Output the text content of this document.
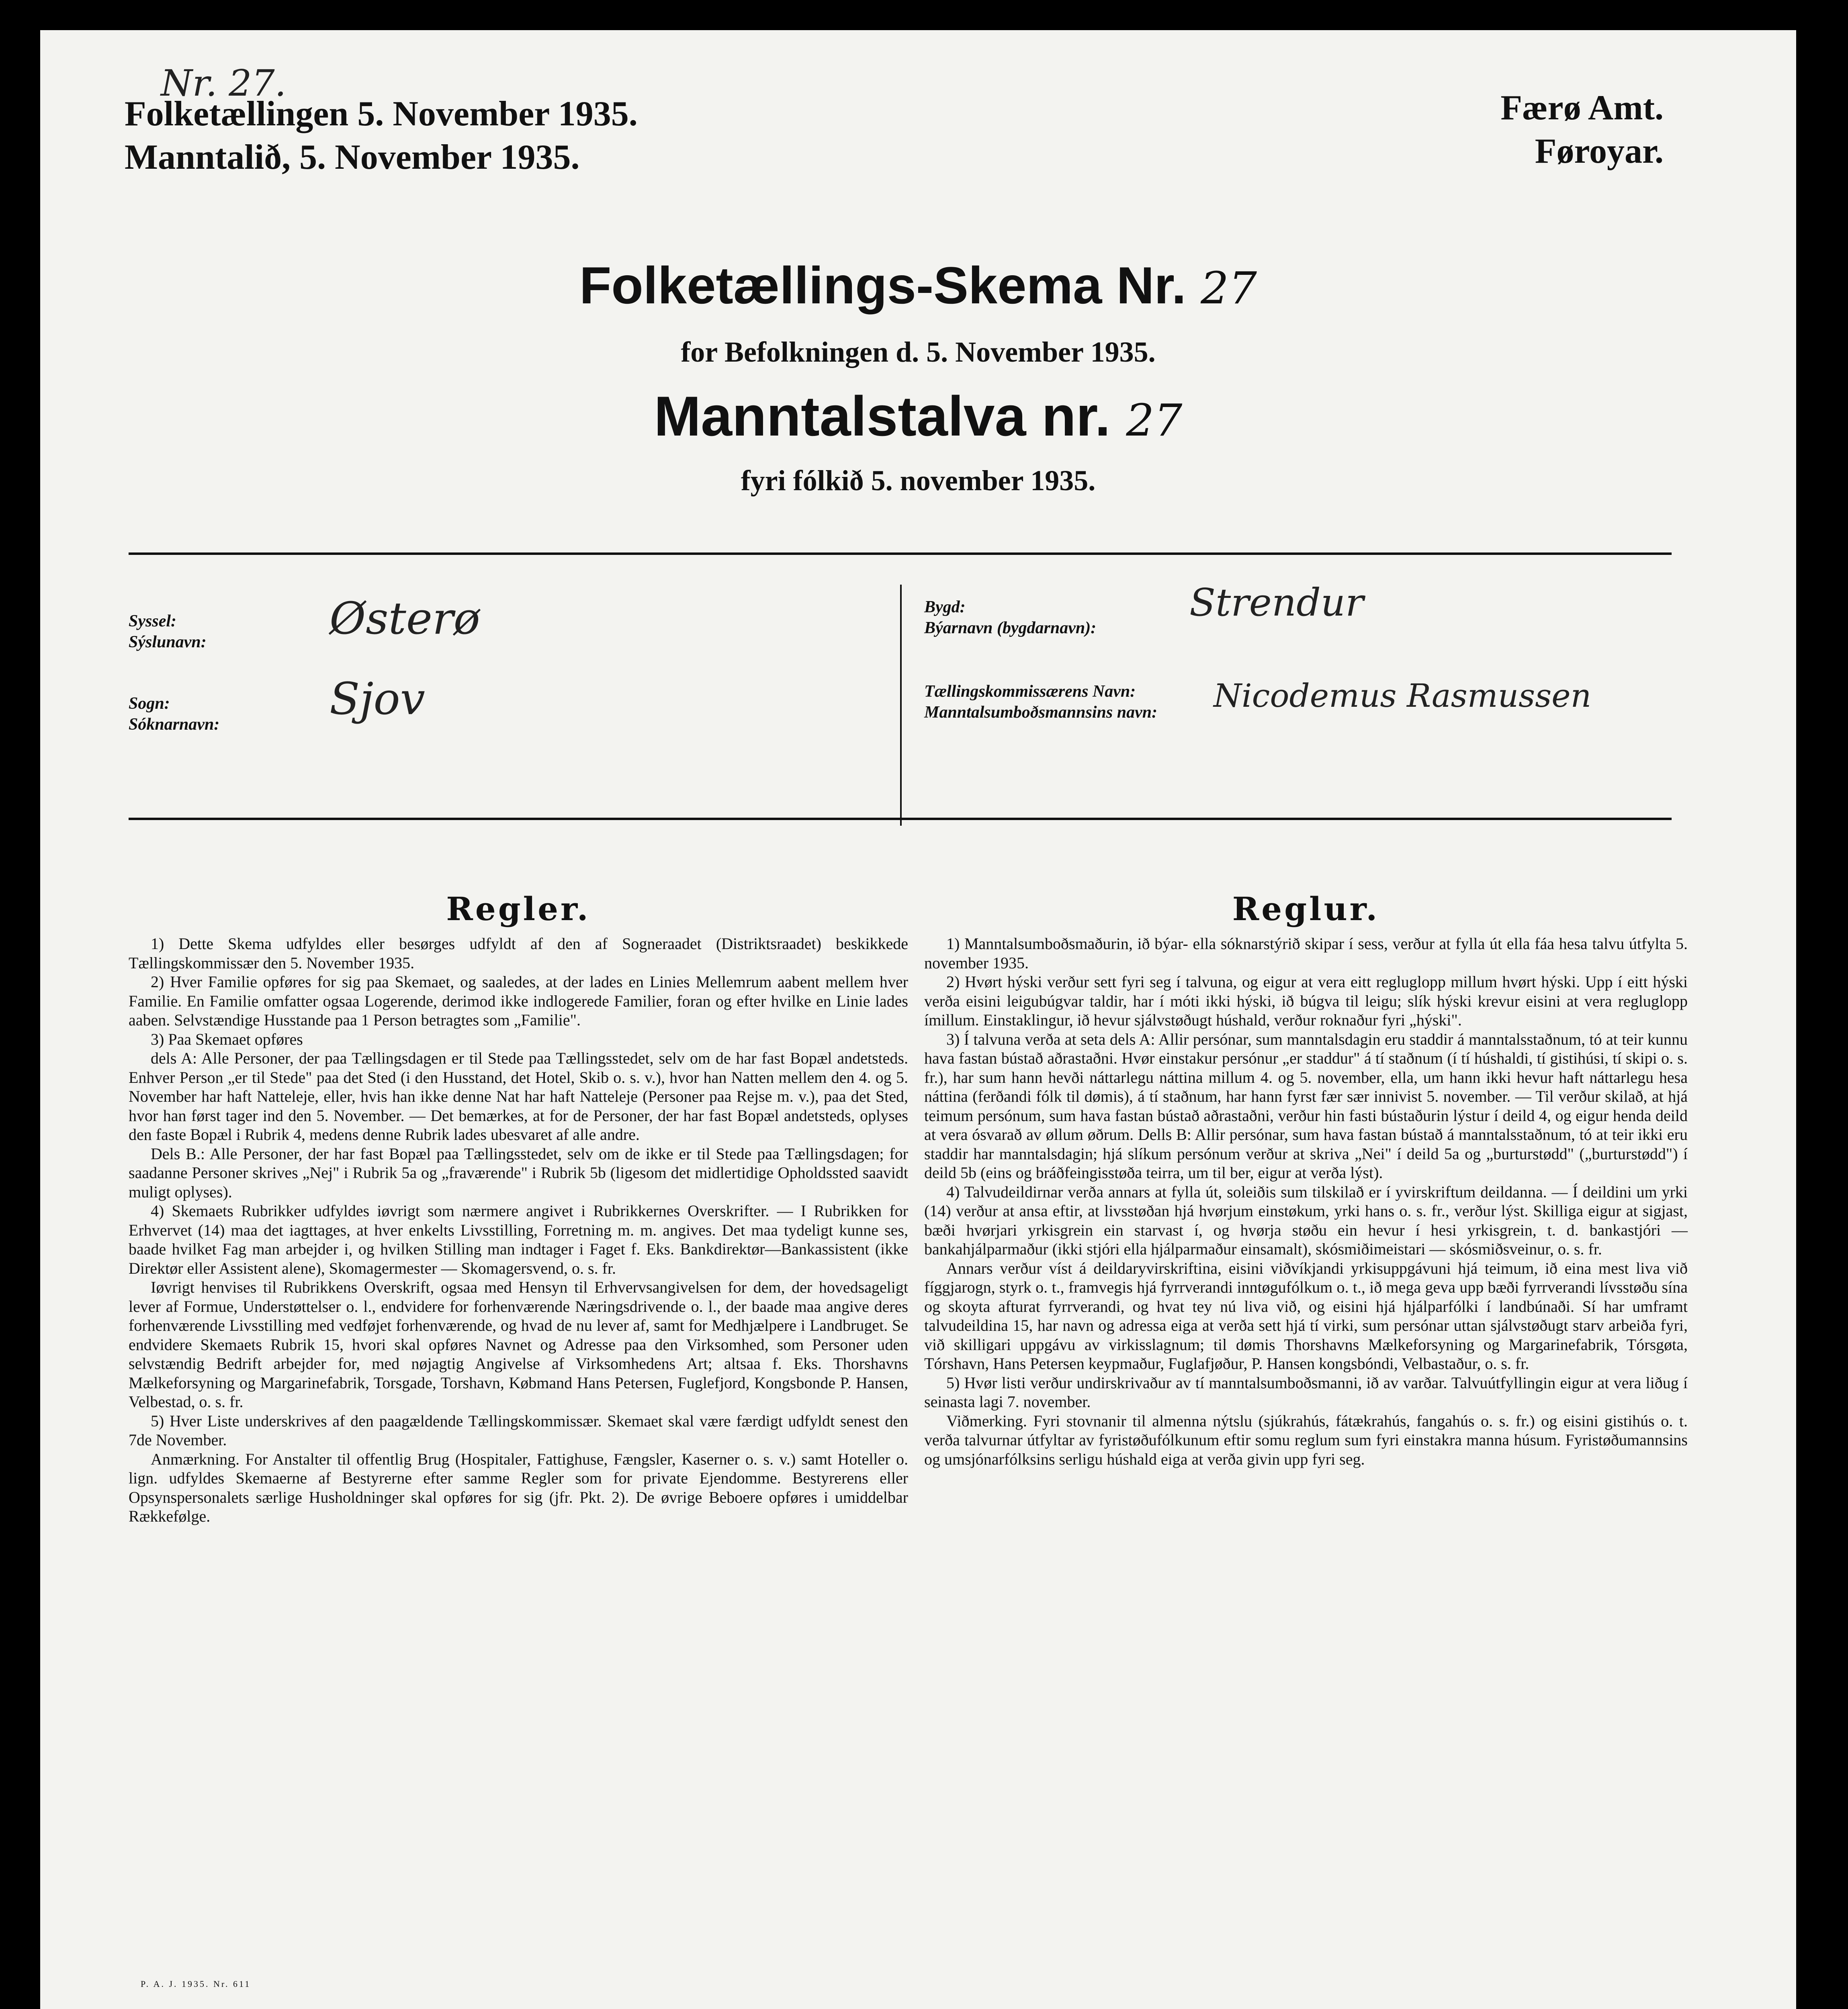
Nr. 27.
Folketællingen 5. November 1935.
Manntalið, 5. November 1935.
Færø Amt.
Føroyar.
Folketællings-Skema Nr. 27
for Befolkningen d. 5. November 1935.
Manntalstalva nr. 27
fyri fólkið 5. november 1935.
Syssel:
Sýslunavn:	Østerø
Sogn:
Sóknarnavn: Sjov
Bygd:
Býarnavn (bygdarnavn):
Strendur
Tællingskommissærens Navn:
Manntalsumboðsmannsins navn: Nicodemus Rasmussen
Regler.

1) Dette Skema udfyldes eller besørges udfyldt af den af Sogneraadet (Distriktsraadet) beskikkede Tællingskommissær den 5. November 1935.

2) Hver Familie opføres for sig paa Skemaet, og saaledes, at der lades en Linies Mellemrum aabent mellem hver Familie. En Familie omfatter ogsaa Logerende, derimod ikke indlogerede Familier, foran og efter hvilke en Linie lades aaben. Selvstændige Husstande paa 1 Person betragtes som „Familie".

3) Paa Skemaet opføres

dels A: Alle Personer, der paa Tællingsdagen er til Stede paa Tællingsstedet, selv om de har fast Bopæl andetsteds. Enhver Person „er til Stede" paa det Sted (i den Husstand, det Hotel, Skib o. s. v.), hvor han Natten mellem den 4. og 5. November har haft Natteleje, eller, hvis han ikke denne Nat har haft Natteleje (Personer paa Rejse m. v.), paa det Sted, hvor han først tager ind den 5. November. — Det bemærkes, at for de Personer, der har fast Bopæl andetsteds, oplyses den faste Bopæl i Rubrik 4, medens denne Rubrik lades ubesvaret af alle andre.

Dels B.: Alle Personer, der har fast Bopæl paa Tællingsstedet, selv om de ikke er til Stede paa Tællingsdagen; for saadanne Personer skrives „Nej" i Rubrik 5a og „fraværende" i Rubrik 5b (ligesom det midlertidige Opholdssted saavidt muligt oplyses).

4) Skemaets Rubrikker udfyldes iøvrigt som nærmere angivet i Rubrikkernes Overskrifter. — I Rubrikken for Erhvervet (14) maa det iagttages, at hver enkelts Livsstilling, Forretning m. m. angives. Det maa tydeligt kunne ses, baade hvilket Fag man arbejder i, og hvilken Stilling man indtager i Faget f. Eks. Bankdirektør—Bankassistent (ikke Direktør eller Assistent alene), Skomagermester — Skomagersvend, o. s. fr.

Iøvrigt henvises til Rubrikkens Overskrift, ogsaa med Hensyn til Erhvervsangivelsen for dem, der hovedsageligt lever af Formue, Understøttelser o. l., endvidere for forhenværende Næringsdrivende o. l., der baade maa angive deres forhenværende Livsstilling med vedføjet forhenværende, og hvad de nu lever af, samt for Medhjælpere i Landbruget. Se endvidere Skemaets Rubrik 15, hvori skal opføres Navnet og Adresse paa den Virksomhed, som Personer uden selvstændig Bedrift arbejder for, med nøjagtig Angivelse af Virksomhedens Art; altsaa f. Eks. Thorshavns Mælkeforsyning og Margarinefabrik, Torsgade, Torshavn, Købmand Hans Petersen, Fuglefjord, Kongsbonde P. Hansen, Velbestad, o. s. fr.

5) Hver Liste underskrives af den paagældende Tællingskommissær. Skemaet skal være færdigt udfyldt senest den 7de November.

Anmærkning. For Anstalter til offentlig Brug (Hospitaler, Fattighuse, Fængsler, Kaserner o. s. v.) samt Hoteller o. lign. udfyldes Skemaerne af Bestyrerne efter samme Regler som for private Ejendomme. Bestyrerens eller Opsynspersonalets særlige Husholdninger skal opføres for sig (jfr. Pkt. 2). De øvrige Beboere opføres i umiddelbar Rækkefølge.

Reglur.

1) Manntalsumboðsmaðurin, ið býar- ella sóknarstýrið skipar í sess, verður at fylla út ella fáa hesa talvu útfylta 5. november 1935.

2) Hvørt hýski verður sett fyri seg í talvuna, og eigur at vera eitt regluglopp millum hvørt hýski. Upp í eitt hýski verða eisini leigubúgvar taldir, har í móti ikki hýski, ið búgva til leigu; slík hýski krevur eisini at vera regluglopp ímillum. Einstaklingur, ið hevur sjálvstøðugt húshald, verður roknaður fyri „hýski".

3) Í talvuna verða at seta dels A: Allir persónar, sum manntalsdagin eru staddir á manntalsstaðnum, tó at teir kunnu hava fastan bústað aðrastaðni. Hvør einstakur persónur „er staddur" á tí staðnum (í tí húshaldi, tí gistihúsi, tí skipi o. s. fr.), har sum hann hevði náttarlegu náttina millum 4. og 5. november, ella, um hann ikki hevur haft náttarlegu hesa náttina (ferðandi fólk til dømis), á tí staðnum, har hann fyrst fær sær innivist 5. november. — Til verður skilað, at hjá teimum persónum, sum hava fastan bústað aðrastaðni, verður hin fasti bústaðurin lýstur í deild 4, og eigur henda deild at vera ósvarað av øllum øðrum. Dells B: Allir persónar, sum hava fastan bústað á manntalsstaðnum, tó at teir ikki eru staddir har manntalsdagin; hjá slíkum persónum verður at skriva „Nei" í deild 5a og „burturstødd" („burturstødd") í deild 5b (eins og bráðfeingisstøða teirra, um til ber, eigur at verða lýst).

4) Talvudeildirnar verða annars at fylla út, soleiðis sum tilskilað er í yvirskriftum deildanna. — Í deildini um yrki (14) verður at ansa eftir, at livsstøðan hjá hvørjum einstøkum, yrki hans o. s. fr., verður lýst. Skilliga eigur at sigjast, bæði hvørjari yrkisgrein ein starvast í, og hvørja støðu ein hevur í hesi yrkisgrein, t. d. bankastjóri — bankahjálparmaður (ikki stjóri ella hjálparmaður einsamalt), skósmiðimeistari — skósmiðsveinur, o. s. fr.

Annars verður víst á deildaryvirskriftina, eisini viðvíkjandi yrkisuppgávuni hjá teimum, ið eina mest liva við fíggjarogn, styrk o. t., framvegis hjá fyrrverandi inntøgufólkum o. t., ið mega geva upp bæði fyrrverandi lívsstøðu sína og skoyta afturat fyrrverandi, og hvat tey nú liva við, og eisini hjá hjálparfólki í landbúnaði. Sí har umframt talvudeildina 15, har navn og adressa eiga at verða sett hjá tí virki, sum persónar uttan sjálvstøðugt starv arbeiða fyri, við skilligari uppgávu av virkisslagnum; til dømis Thorshavns Mælkeforsyning og Margarinefabrik, Tórsgøta, Tórshavn, Hans Petersen keypmaður, Fuglafjøður, P. Hansen kongsbóndi, Velbastaður, o. s. fr.

5) Hvør listi verður undirskrivaður av tí manntalsumboðsmanni, ið av varðar. Talvuútfyllingin eigur at vera liðug í seinasta lagi 7. november.

Viðmerking. Fyri stovnanir til almenna nýtslu (sjúkrahús, fátækrahús, fangahús o. s. fr.) og eisini gistihús o. t. verða talvurnar útfyltar av fyristøðufólkunum eftir somu reglum sum fyri einstakra manna húsum. Fyristøðumannsins og umsjónarfólksins serligu húshald eiga at verða givin upp fyri seg.

P. A. J. 1935. Nr. 611
